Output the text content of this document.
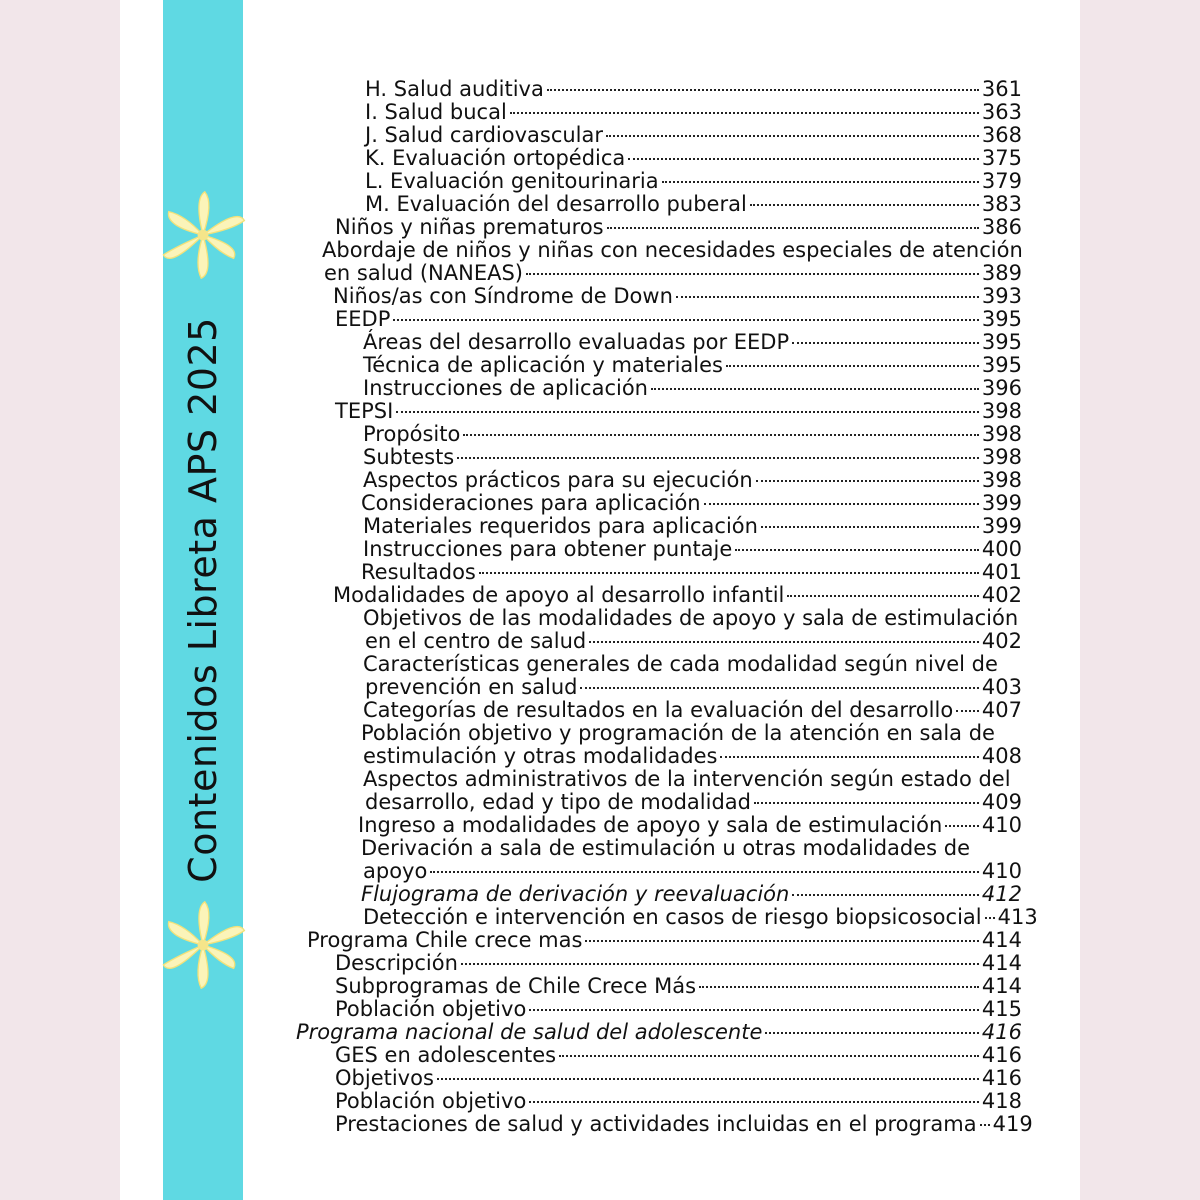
Contenidos Libreta APS 2025
H. Salud auditiva	361
I. Salud bucal	363
J. Salud cardiovascular	368
K. Evaluación ortopédica	375
L. Evaluación genitourinaria	379
M. Evaluación del desarrollo puberal	383
Niños y niñas prematuros	386
Abordaje de niños y niñas con necesidades especiales de atención
en salud (NANEAS)	389
Niños/as con Síndrome de Down	393
EEDP	395
Áreas del desarrollo evaluadas por EEDP	395
Técnica de aplicación y materiales	395
Instrucciones de aplicación	396
TEPSI	398
Propósito	398
Subtests	398
Aspectos prácticos para su ejecución	398
Consideraciones para aplicación	399
Materiales requeridos para aplicación	399
Instrucciones para obtener puntaje	400
Resultados	401
Modalidades de apoyo al desarrollo infantil	402
Objetivos de las modalidades de apoyo y sala de estimulación
en el centro de salud	402
Características generales de cada modalidad según nivel de
prevención en salud	403
Categorías de resultados en la evaluación del desarrollo 407
Población objetivo y programación de la atención en sala de
estimulación y otras modalidades	408
Aspectos administrativos de la intervención según estado del
desarrollo, edad y tipo de modalidad	409
Ingreso a modalidades de apoyo y sala de estimulación 410
Derivación a sala de estimulación u otras modalidades de
apoyo	410
Flujograma de derivación y reevaluación	412
Detección e intervención en casos de riesgo biopsicosocial 413
Programa Chile crece mas	414
Descripción	414
Subprogramas de Chile Crece Más	414
Población objetivo	415
Programa nacional de salud del adolescente	416
GES en adolescentes	416
Objetivos	416
Población objetivo	418
Prestaciones de salud y actividades incluidas en el programa 419
